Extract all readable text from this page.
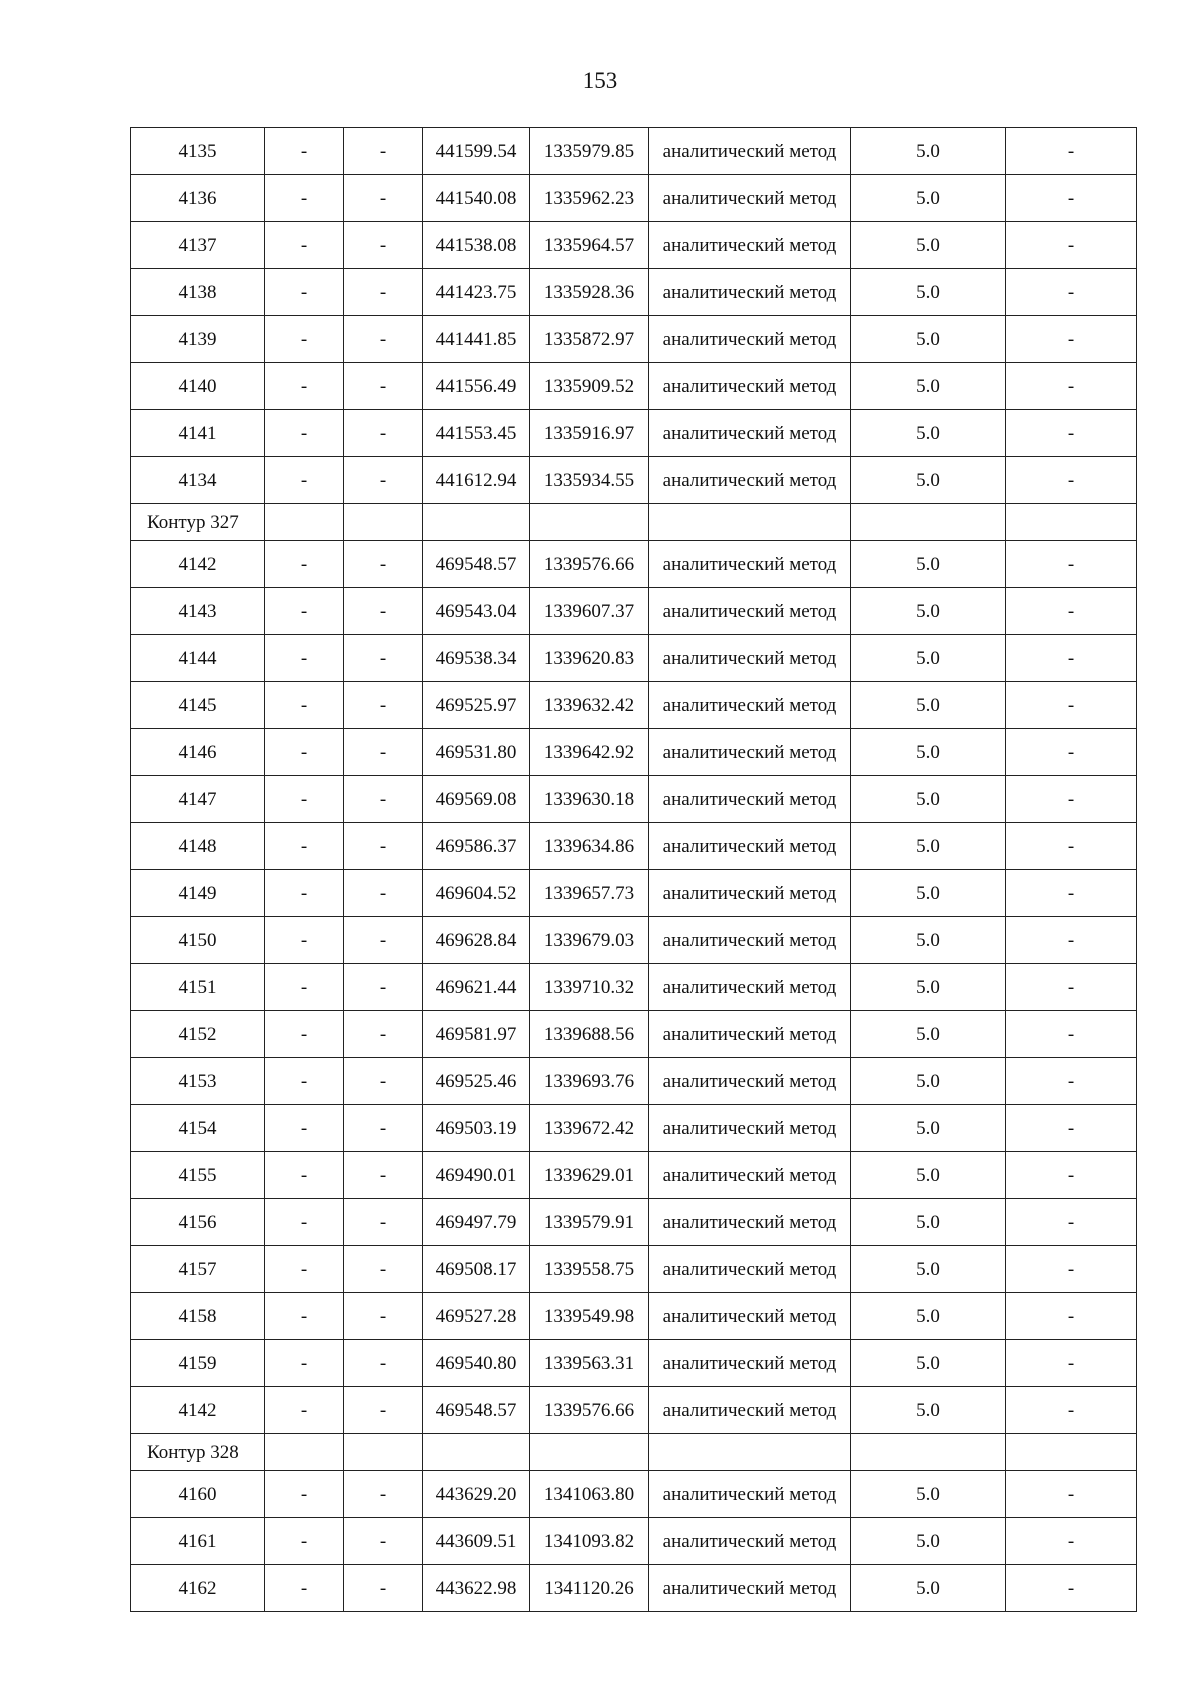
153
4135	-	-	441599.54	1335979.85	аналитический метод	5.0	-
4136	-	-	441540.08	1335962.23	аналитический метод	5.0	-
4137	-	-	441538.08	1335964.57	аналитический метод	5.0	-
4138	-	-	441423.75	1335928.36	аналитический метод	5.0	-
4139	-	-	441441.85	1335872.97	аналитический метод	5.0	-
4140	-	-	441556.49	1335909.52	аналитический метод	5.0	-
4141	-	-	441553.45	1335916.97	аналитический метод	5.0	-
4134	-	-	441612.94	1335934.55	аналитический метод	5.0	-
Контур 327							
4142	-	-	469548.57	1339576.66	аналитический метод	5.0	-
4143	-	-	469543.04	1339607.37	аналитический метод	5.0	-
4144	-	-	469538.34	1339620.83	аналитический метод	5.0	-
4145	-	-	469525.97	1339632.42	аналитический метод	5.0	-
4146	-	-	469531.80	1339642.92	аналитический метод	5.0	-
4147	-	-	469569.08	1339630.18	аналитический метод	5.0	-
4148	-	-	469586.37	1339634.86	аналитический метод	5.0	-
4149	-	-	469604.52	1339657.73	аналитический метод	5.0	-
4150	-	-	469628.84	1339679.03	аналитический метод	5.0	-
4151	-	-	469621.44	1339710.32	аналитический метод	5.0	-
4152	-	-	469581.97	1339688.56	аналитический метод	5.0	-
4153	-	-	469525.46	1339693.76	аналитический метод	5.0	-
4154	-	-	469503.19	1339672.42	аналитический метод	5.0	-
4155	-	-	469490.01	1339629.01	аналитический метод	5.0	-
4156	-	-	469497.79	1339579.91	аналитический метод	5.0	-
4157	-	-	469508.17	1339558.75	аналитический метод	5.0	-
4158	-	-	469527.28	1339549.98	аналитический метод	5.0	-
4159	-	-	469540.80	1339563.31	аналитический метод	5.0	-
4142	-	-	469548.57	1339576.66	аналитический метод	5.0	-
Контур 328							
4160	-	-	443629.20	1341063.80	аналитический метод	5.0	-
4161	-	-	443609.51	1341093.82	аналитический метод	5.0	-
4162	-	-	443622.98	1341120.26	аналитический метод	5.0	-
